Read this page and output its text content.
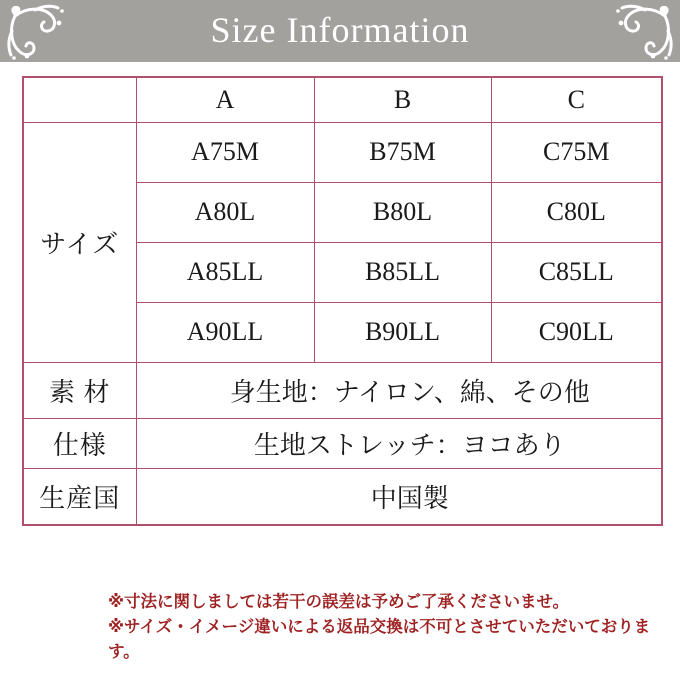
Size Information
	A	B	C
サイズ	A75M	B75M	C75M
	A80L	B80L	C80L
	A85LL	B85LL	C85LL
	A90LL	B90LL	C90LL
素 材	身生地：ナイロン、綿、その他		
仕様	生地ストレッチ：ヨコあり		
生産国	中国製		
※寸法に関しましては若干の誤差は予めご了承くださいませ。
※サイズ・イメージ違いによる返品交換は不可とさせていただいております。
